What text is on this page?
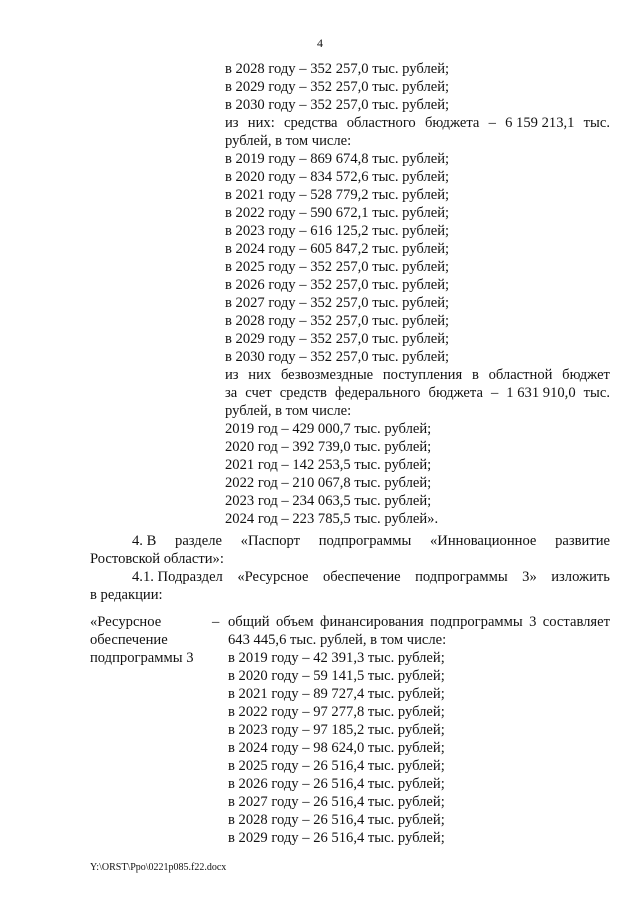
4
в 2028 году – 352 257,0 тыс. рублей;
в 2029 году – 352 257,0 тыс. рублей;
в 2030 году – 352 257,0 тыс. рублей;
из них: средства областного бюджета – 6 159 213,1 тыс.
рублей, в том числе:
в 2019 году – 869 674,8 тыс. рублей;
в 2020 году – 834 572,6 тыс. рублей;
в 2021 году – 528 779,2 тыс. рублей;
в 2022 году – 590 672,1 тыс. рублей;
в 2023 году – 616 125,2 тыс. рублей;
в 2024 году – 605 847,2 тыс. рублей;
в 2025 году – 352 257,0 тыс. рублей;
в 2026 году – 352 257,0 тыс. рублей;
в 2027 году – 352 257,0 тыс. рублей;
в 2028 году – 352 257,0 тыс. рублей;
в 2029 году – 352 257,0 тыс. рублей;
в 2030 году – 352 257,0 тыс. рублей;
из них безвозмездные поступления в областной бюджет
за счет средств федерального бюджета – 1 631 910,0 тыс.
рублей, в том числе:
2019 год – 429 000,7 тыс. рублей;
2020 год – 392 739,0 тыс. рублей;
2021 год – 142 253,5 тыс. рублей;
2022 год – 210 067,8 тыс. рублей;
2023 год – 234 063,5 тыс. рублей;
2024 год – 223 785,5 тыс. рублей».
4. В разделе «Паспорт подпрограммы «Инновационное развитие
Ростовской области»:
4.1. Подраздел «Ресурсное обеспечение подпрограммы 3» изложить
в редакции:
«Ресурсное
обеспечение
подпрограммы 3
– общий объем финансирования подпрограммы 3 составляет
643 445,6 тыс. рублей, в том числе:
в 2019 году – 42 391,3 тыс. рублей;
в 2020 году – 59 141,5 тыс. рублей;
в 2021 году – 89 727,4 тыс. рублей;
в 2022 году – 97 277,8 тыс. рублей;
в 2023 году – 97 185,2 тыс. рублей;
в 2024 году – 98 624,0 тыс. рублей;
в 2025 году – 26 516,4 тыс. рублей;
в 2026 году – 26 516,4 тыс. рублей;
в 2027 году – 26 516,4 тыс. рублей;
в 2028 году – 26 516,4 тыс. рублей;
в 2029 году – 26 516,4 тыс. рублей;
Y:\ORST\Ppo\0221p085.f22.docx
